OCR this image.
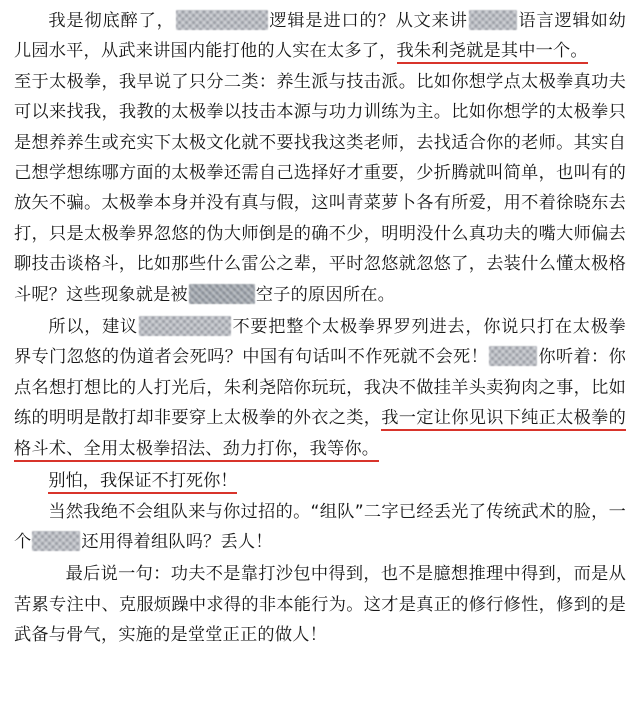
我是彻底醉了，	逻辑是进口的？从文来讲	语言逻辑如幼儿园水平，从武来讲国内能打他的人实在太多了，我朱利尧就是其中一个。

至于太极拳，我早说了只分二类：养生派与技击派。比如你想学点太极拳真功夫可以来找我，我教的太极拳以技击本源与功力训练为主。比如你想学的太极拳只是想养养生或充实下太极文化就不要找我这类老师，去找适合你的老师。其实自己想学想练哪方面的太极拳还需自己选择好才重要，少折腾就叫简单，也叫有的放矢不骗。太极拳本身并没有真与假，这叫青菜萝卜各有所爱，用不着徐晓东去打，只是太极拳界忽悠的伪大师倒是的确不少，明明没什么真功夫的嘴大师偏去聊技击谈格斗，比如那些什么雷公之辈，平时忽悠就忽悠了，去装什么懂太极格斗呢？这些现象就是被	空子的原因所在。

所以，建议	不要把整个太极拳界罗列进去，你说只打在太极拳界专门忽悠的伪道者会死吗？中国有句话叫不作死就不会死！	你听着：你点名想打想比的人打光后，朱利尧陪你玩玩，我决不做挂羊头卖狗肉之事，比如练的明明是散打却非要穿上太极拳的外衣之类，我一定让你见识下纯正太极拳的格斗术、全用太极拳招法、劲力打你，我等你。

别怕，我保证不打死你！

当然我绝不会组队来与你过招的。“组队”二字已经丢光了传统武术的脸，一个	还用得着组队吗？丢人！

最后说一句：功夫不是靠打沙包中得到，也不是臆想推理中得到，而是从苦累专注中、克服烦躁中求得的非本能行为。这才是真正的修行修性，修到的是武备与骨气，实施的是堂堂正正的做人！
